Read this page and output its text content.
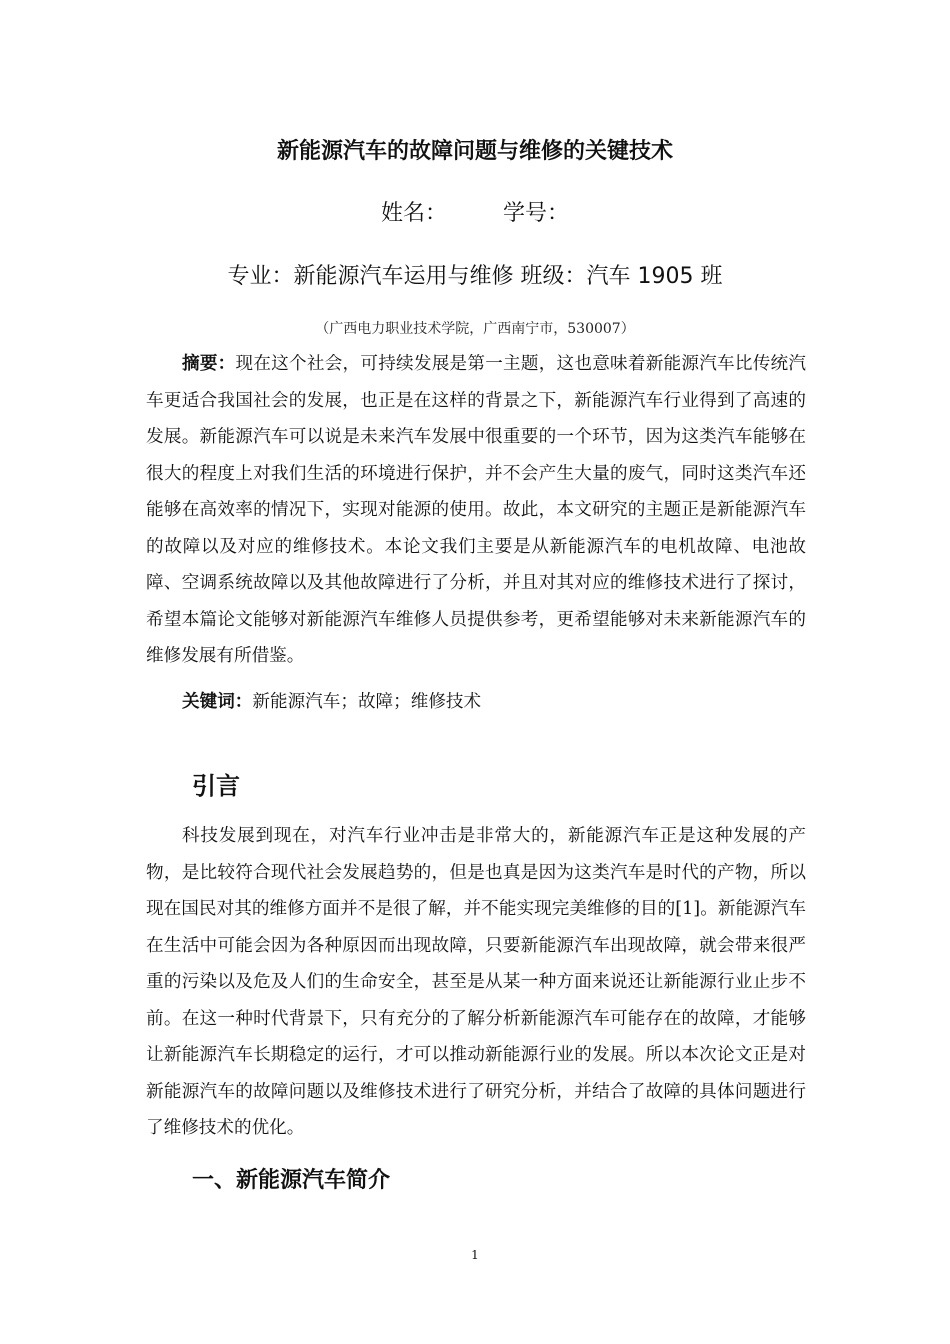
新能源汽车的故障问题与维修的关键技术
姓名：	学号：
专业：新能源汽车运用与维修 班级：汽车 1905 班
（广西电力职业技术学院，广西南宁市，530007）
摘要：现在这个社会，可持续发展是第一主题，这也意味着新能源汽车比传统汽车更适合我国社会的发展，也正是在这样的背景之下，新能源汽车行业得到了高速的发展。新能源汽车可以说是未来汽车发展中很重要的一个环节，因为这类汽车能够在很大的程度上对我们生活的环境进行保护，并不会产生大量的废气，同时这类汽车还能够在高效率的情况下，实现对能源的使用。故此，本文研究的主题正是新能源汽车的故障以及对应的维修技术。本论文我们主要是从新能源汽车的电机故障、电池故障、空调系统故障以及其他故障进行了分析，并且对其对应的维修技术进行了探讨，希望本篇论文能够对新能源汽车维修人员提供参考，更希望能够对未来新能源汽车的维修发展有所借鉴。
关键词：新能源汽车；故障；维修技术
引言
科技发展到现在，对汽车行业冲击是非常大的，新能源汽车正是这种发展的产物，是比较符合现代社会发展趋势的，但是也真是因为这类汽车是时代的产物，所以现在国民对其的维修方面并不是很了解，并不能实现完美维修的目的[1]。新能源汽车在生活中可能会因为各种原因而出现故障，只要新能源汽车出现故障，就会带来很严重的污染以及危及人们的生命安全，甚至是从某一种方面来说还让新能源行业止步不前。在这一种时代背景下，只有充分的了解分析新能源汽车可能存在的故障，才能够让新能源汽车长期稳定的运行，才可以推动新能源行业的发展。所以本次论文正是对新能源汽车的故障问题以及维修技术进行了研究分析，并结合了故障的具体问题进行了维修技术的优化。
一、新能源汽车简介
1
